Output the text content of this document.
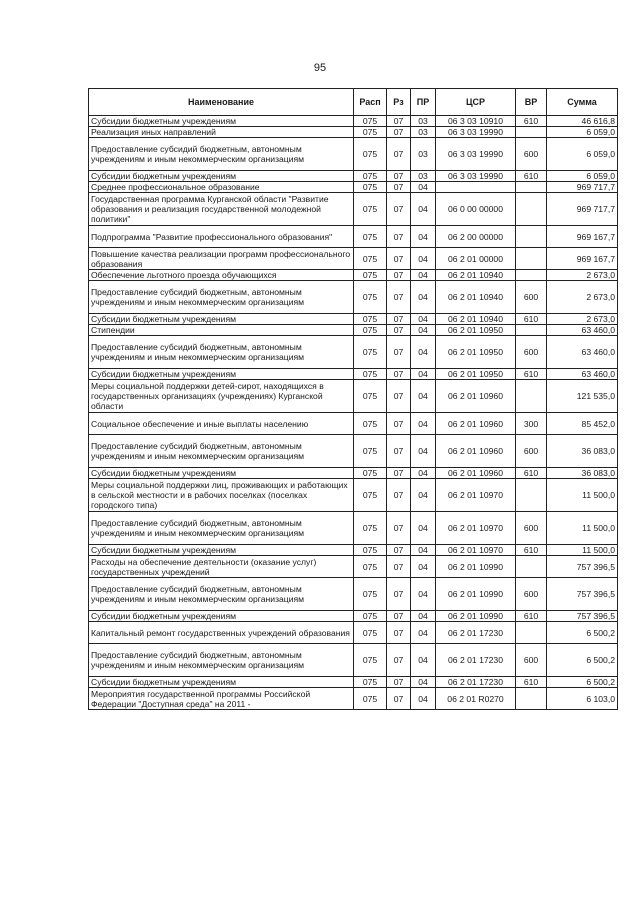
95
Наименование	Расп	Рз	ПР	ЦСР	ВР	Сумма
Субсидии бюджетным учреждениям	075	07	03	06 3 03 10910	610	46 616,8
Реализация иных направлений	075	07	03	06 3 03 19990		6 059,0
Предоставление субсидий бюджетным, автономным учреждениям и иным некоммерческим организациям	075	07	03	06 3 03 19990	600	6 059,0
Субсидии бюджетным учреждениям	075	07	03	06 3 03 19990	610	6 059,0
Среднее профессиональное образование	075	07	04			969 717,7
Государственная программа Курганской области "Развитие образования и реализация государственной молодежной политики"	075	07	04	06 0 00 00000		969 717,7
Подпрограмма "Развитие профессионального образования"	075	07	04	06 2 00 00000		969 167,7
Повышение качества реализации программ профессионального образования	075	07	04	06 2 01 00000		969 167,7
Обеспечение льготного проезда обучающихся	075	07	04	06 2 01 10940		2 673,0
Предоставление субсидий бюджетным, автономным учреждениям и иным некоммерческим организациям	075	07	04	06 2 01 10940	600	2 673,0
Субсидии бюджетным учреждениям	075	07	04	06 2 01 10940	610	2 673,0
Стипендии	075	07	04	06 2 01 10950		63 460,0
Предоставление субсидий бюджетным, автономным учреждениям и иным некоммерческим организациям	075	07	04	06 2 01 10950	600	63 460,0
Субсидии бюджетным учреждениям	075	07	04	06 2 01 10950	610	63 460,0
Меры социальной поддержки детей-сирот, находящихся в государственных организациях (учреждениях) Курганской области	075	07	04	06 2 01 10960		121 535,0
Социальное обеспечение и иные выплаты населению	075	07	04	06 2 01 10960	300	85 452,0
Предоставление субсидий бюджетным, автономным учреждениям и иным некоммерческим организациям	075	07	04	06 2 01 10960	600	36 083,0
Субсидии бюджетным учреждениям	075	07	04	06 2 01 10960	610	36 083,0
Меры социальной поддержки лиц, проживающих и работающих в сельской местности и в рабочих поселках (поселках городского типа)	075	07	04	06 2 01 10970		11 500,0
Предоставление субсидий бюджетным, автономным учреждениям и иным некоммерческим организациям	075	07	04	06 2 01 10970	600	11 500,0
Субсидии бюджетным учреждениям	075	07	04	06 2 01 10970	610	11 500,0
Расходы на обеспечение деятельности (оказание услуг) государственных учреждений	075	07	04	06 2 01 10990		757 396,5
Предоставление субсидий бюджетным, автономным учреждениям и иным некоммерческим организациям	075	07	04	06 2 01 10990	600	757 396,5
Субсидии бюджетным учреждениям	075	07	04	06 2 01 10990	610	757 396,5
Капитальный ремонт государственных учреждений образования	075	07	04	06 2 01 17230		6 500,2
Предоставление субсидий бюджетным, автономным учреждениям и иным некоммерческим организациям	075	07	04	06 2 01 17230	600	6 500,2
Субсидии бюджетным учреждениям	075	07	04	06 2 01 17230	610	6 500,2
Мероприятия государственной программы Российской Федерации "Доступная среда" на 2011 -	075	07	04	06 2 01 R0270		6 103,0
